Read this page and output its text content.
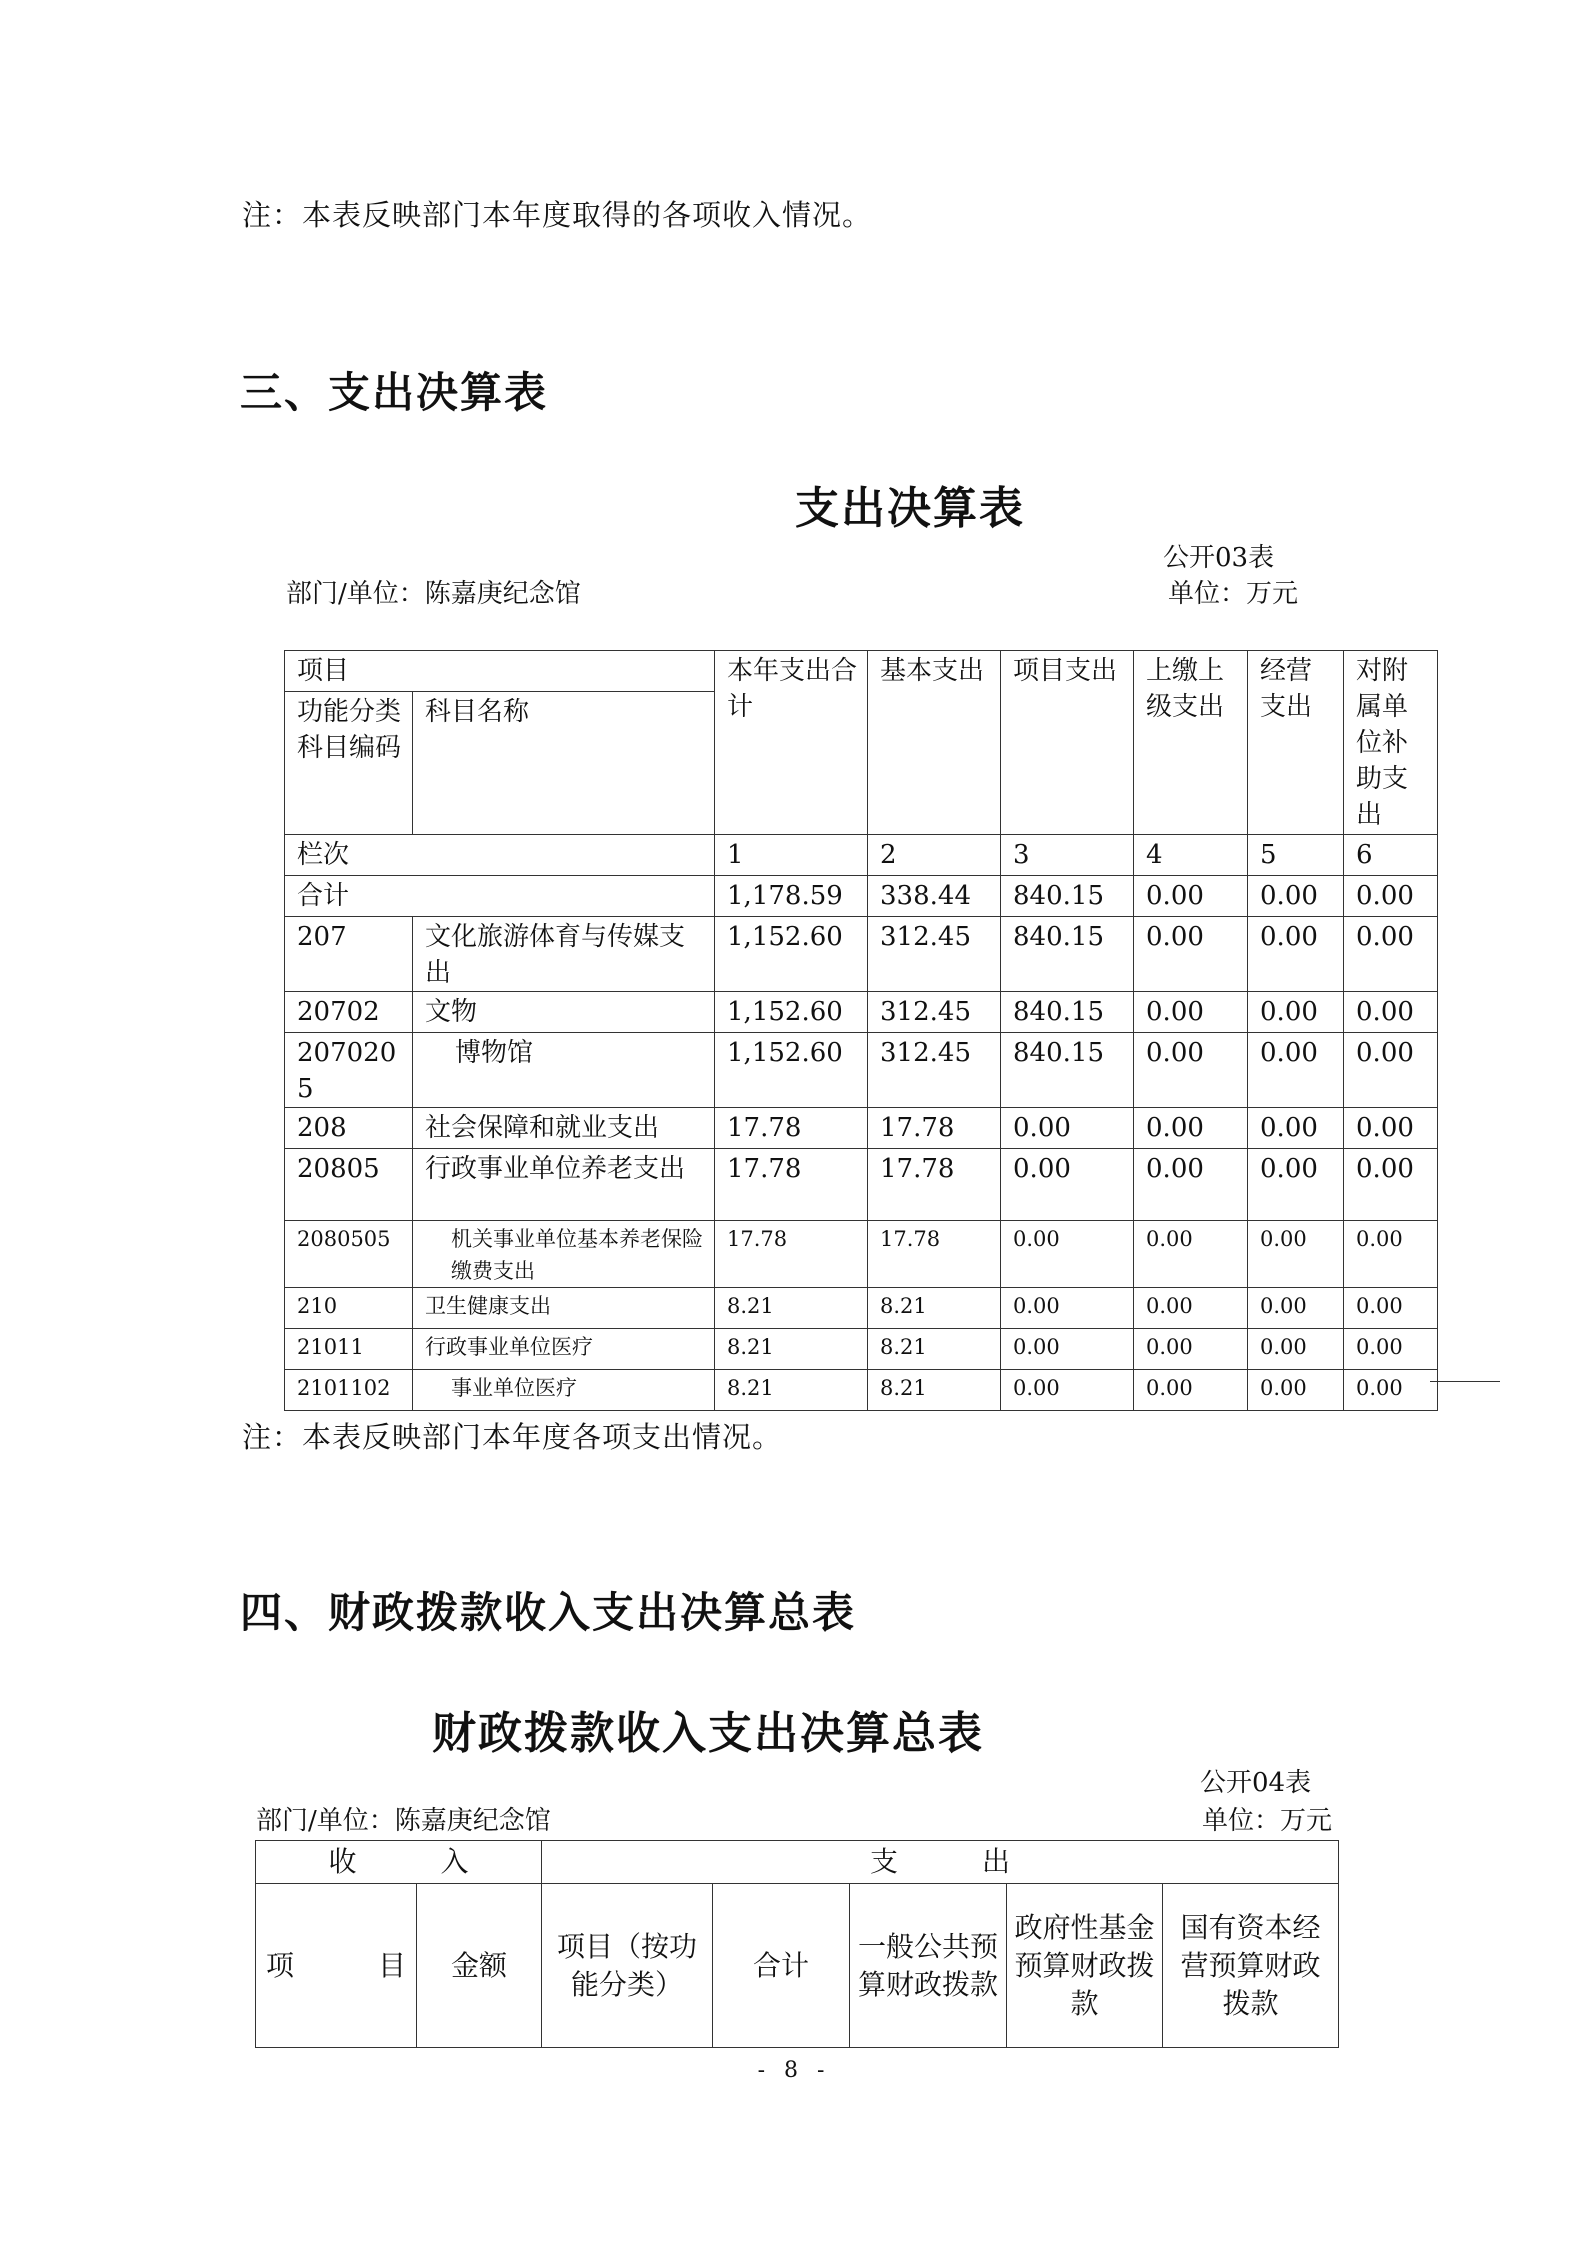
注：本表反映部门本年度取得的各项收入情况。
三、支出决算表
支出决算表
公开03表
部门/单位：陈嘉庚纪念馆	单位：万元
项目		本年支出合计	基本支出	项目支出	上缴上级支出	经营支出	对附属单位补助支出
功能分类科目编码	科目名称						
栏次		1	2	3	4	5	6
合计		1,178.59	338.44	840.15	0.00	0.00	0.00
207	文化旅游体育与传媒支出	1,152.60	312.45	840.15	0.00	0.00	0.00
20702	文物	1,152.60	312.45	840.15	0.00	0.00	0.00
2070205	博物馆	1,152.60	312.45	840.15	0.00	0.00	0.00
208	社会保障和就业支出	17.78	17.78	0.00	0.00	0.00	0.00
20805	行政事业单位养老支出	17.78	17.78	0.00	0.00	0.00	0.00
2080505	机关事业单位基本养老保险缴费支出	17.78	17.78	0.00	0.00	0.00	0.00
210	卫生健康支出	8.21	8.21	0.00	0.00	0.00	0.00
21011	行政事业单位医疗	8.21	8.21	0.00	0.00	0.00	0.00
2101102	事业单位医疗	8.21	8.21	0.00	0.00	0.00	0.00
注：本表反映部门本年度各项支出情况。
四、财政拨款收入支出决算总表
财政拨款收入支出决算总表
公开04表
部门/单位：陈嘉庚纪念馆	单位：万元
收　　　入		支　　　出				
项　　　目	金额	项目（按功能分类）	合计	一般公共预算财政拨款	政府性基金预算财政拨款	国有资本经营预算财政拨款
- 8 -
